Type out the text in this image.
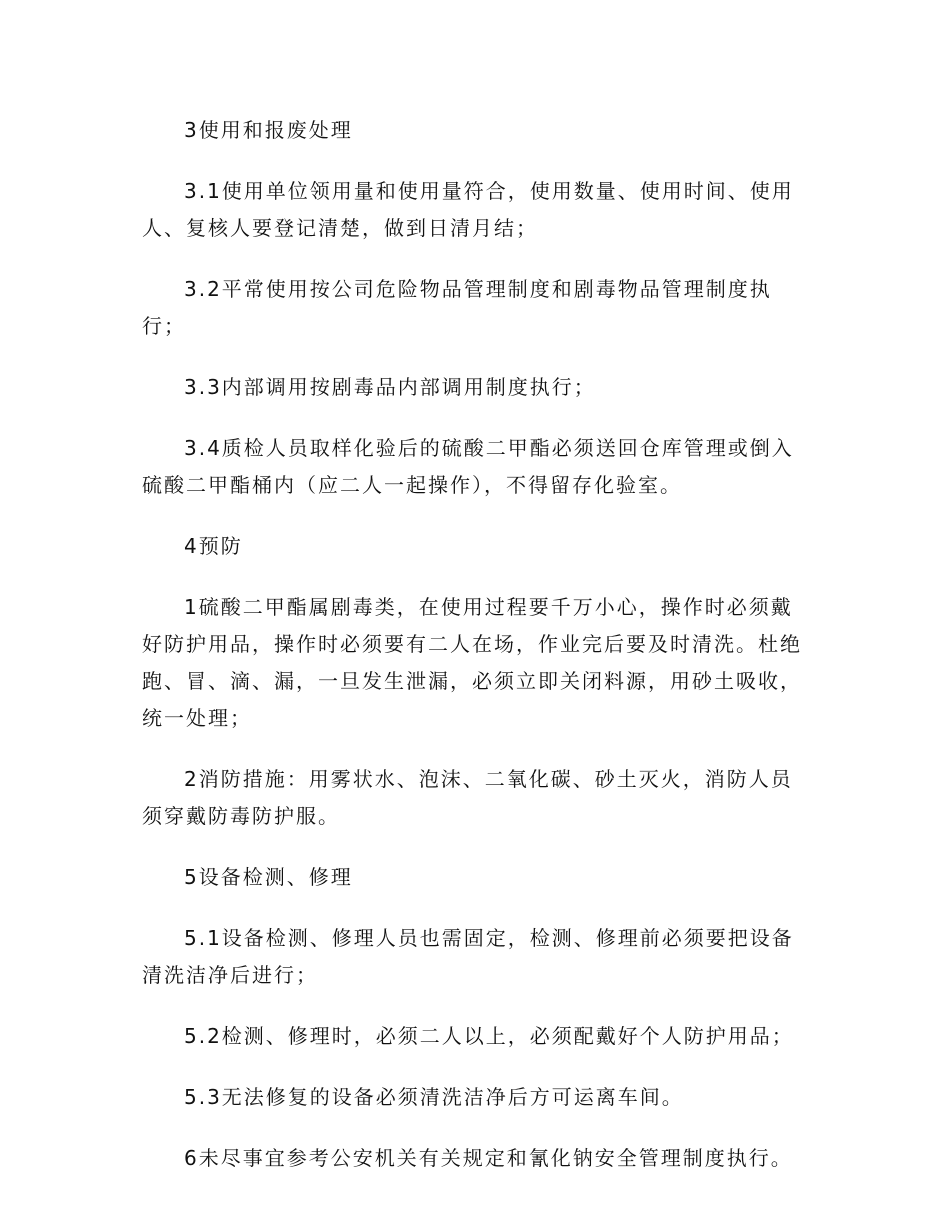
3使用和报废处理

3.1使用单位领用量和使用量符合，使用数量、使用时间、使用人、复核人要登记清楚，做到日清月结；

3.2平常使用按公司危险物品管理制度和剧毒物品管理制度执行；

3.3内部调用按剧毒品内部调用制度执行；

3.4质检人员取样化验后的硫酸二甲酯必须送回仓库管理或倒入硫酸二甲酯桶内（应二人一起操作），不得留存化验室。

4预防

1硫酸二甲酯属剧毒类，在使用过程要千万小心，操作时必须戴好防护用品，操作时必须要有二人在场，作业完后要及时清洗。杜绝跑、冒、滴、漏，一旦发生泄漏，必须立即关闭料源，用砂土吸收，统一处理；

2消防措施：用雾状水、泡沫、二氧化碳、砂土灭火，消防人员须穿戴防毒防护服。

5设备检测、修理

5.1设备检测、修理人员也需固定，检测、修理前必须要把设备清洗洁净后进行；

5.2检测、修理时，必须二人以上，必须配戴好个人防护用品；

5.3无法修复的设备必须清洗洁净后方可运离车间。

6未尽事宜参考公安机关有关规定和氰化钠安全管理制度执行。
